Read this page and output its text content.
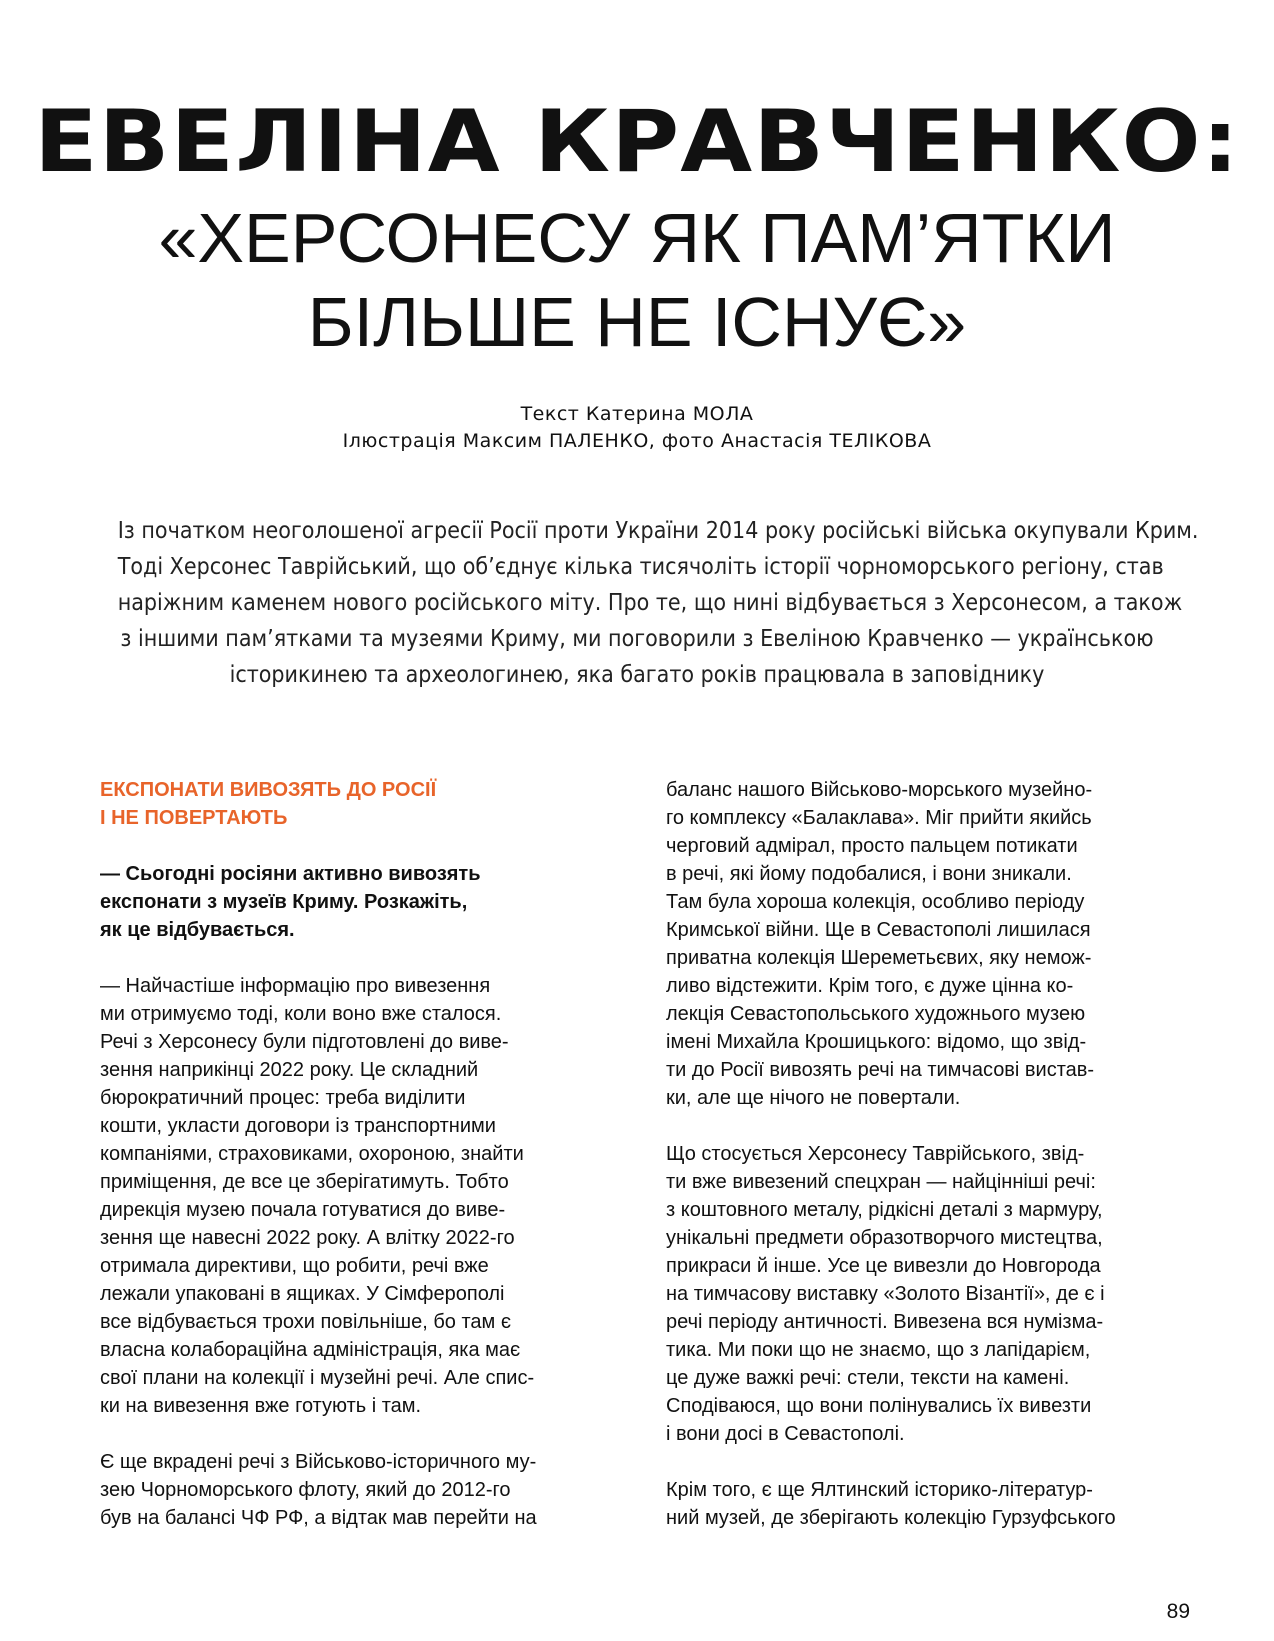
ЕВЕЛІНА КРАВЧЕНКО:
«ХЕРСОНЕСУ ЯК ПАМ’ЯТКИ
БІЛЬШЕ НЕ ІСНУЄ»
Текст Катерина МОЛА
Ілюстрація Максим ПАЛЕНКО, фото Анастасія ТЕЛІКОВА
Із початком неоголошеної агресії Росії проти України 2014 року російські війська окупували Крим.
Тоді Херсонес Таврійський, що об’єднує кілька тисячоліть історії чорноморського регіону, став
наріжним каменем нового російського міту. Про те, що нині відбувається з Херсонесом, а також
з іншими пам’ятками та музеями Криму, ми поговорили з Евеліною Кравченко — українською
історикинею та археологинею, яка багато років працювала в заповіднику

ЕКСПОНАТИ ВИВОЗЯТЬ ДО РОСІЇ
І НЕ ПОВЕРТАЮТЬ

— Сьогодні росіяни активно вивозять
експонати з музеїв Криму. Розкажіть,
як це відбувається.

— Найчастіше інформацію про вивезення
ми отримуємо тоді, коли воно вже сталося.
Речі з Херсонесу були підготовлені до виве-
зення наприкінці 2022 року. Це складний
бюрократичний процес: треба виділити
кошти, укласти договори із транспортними
компаніями, страховиками, охороною, знайти
приміщення, де все це зберігатимуть. Тобто
дирекція музею почала готуватися до виве-
зення ще навесні 2022 року. А влітку 2022-го
отримала директиви, що робити, речі вже
лежали упаковані в ящиках. У Сімферополі
все відбувається трохи повільніше, бо там є
власна колабораційна адміністрація, яка має
свої плани на колекції і музейні речі. Але спис-
ки на вивезення вже готують і там.

Є ще вкрадені речі з Військово-історичного му-
зею Чорноморського флоту, який до 2012-го
був на балансі ЧФ РФ, а відтак мав перейти на

баланс нашого Військово-морського музейно-
го комплексу «Балаклава». Міг прийти якийсь
черговий адмірал, просто пальцем потикати
в речі, які йому подобалися, і вони зникали.
Там була хороша колекція, особливо періоду
Кримської війни. Ще в Севастополі лишилася
приватна колекція Шереметьєвих, яку немож-
ливо відстежити. Крім того, є дуже цінна ко-
лекція Севастопольського художнього музею
імені Михайла Крошицького: відомо, що звід-
ти до Росії вивозять речі на тимчасові вистав-
ки, але ще нічого не повертали.

Що стосується Херсонесу Таврійського, звід-
ти вже вивезений спецхран — найцінніші речі:
з коштовного металу, рідкісні деталі з мармуру,
унікальні предмети образотворчого мистецтва,
прикраси й інше. Усе це вивезли до Новгорода
на тимчасову виставку «Золото Візантії», де є і
речі періоду античності. Вивезена вся нумізма-
тика. Ми поки що не знаємо, що з лапідарієм,
це дуже важкі речі: стели, тексти на камені.
Сподіваюся, що вони полінувались їх вивезти
і вони досі в Севастополі.

Крім того, є ще Ялтинский історико-літератур-
ний музей, де зберігають колекцію Гурзуфського

89
